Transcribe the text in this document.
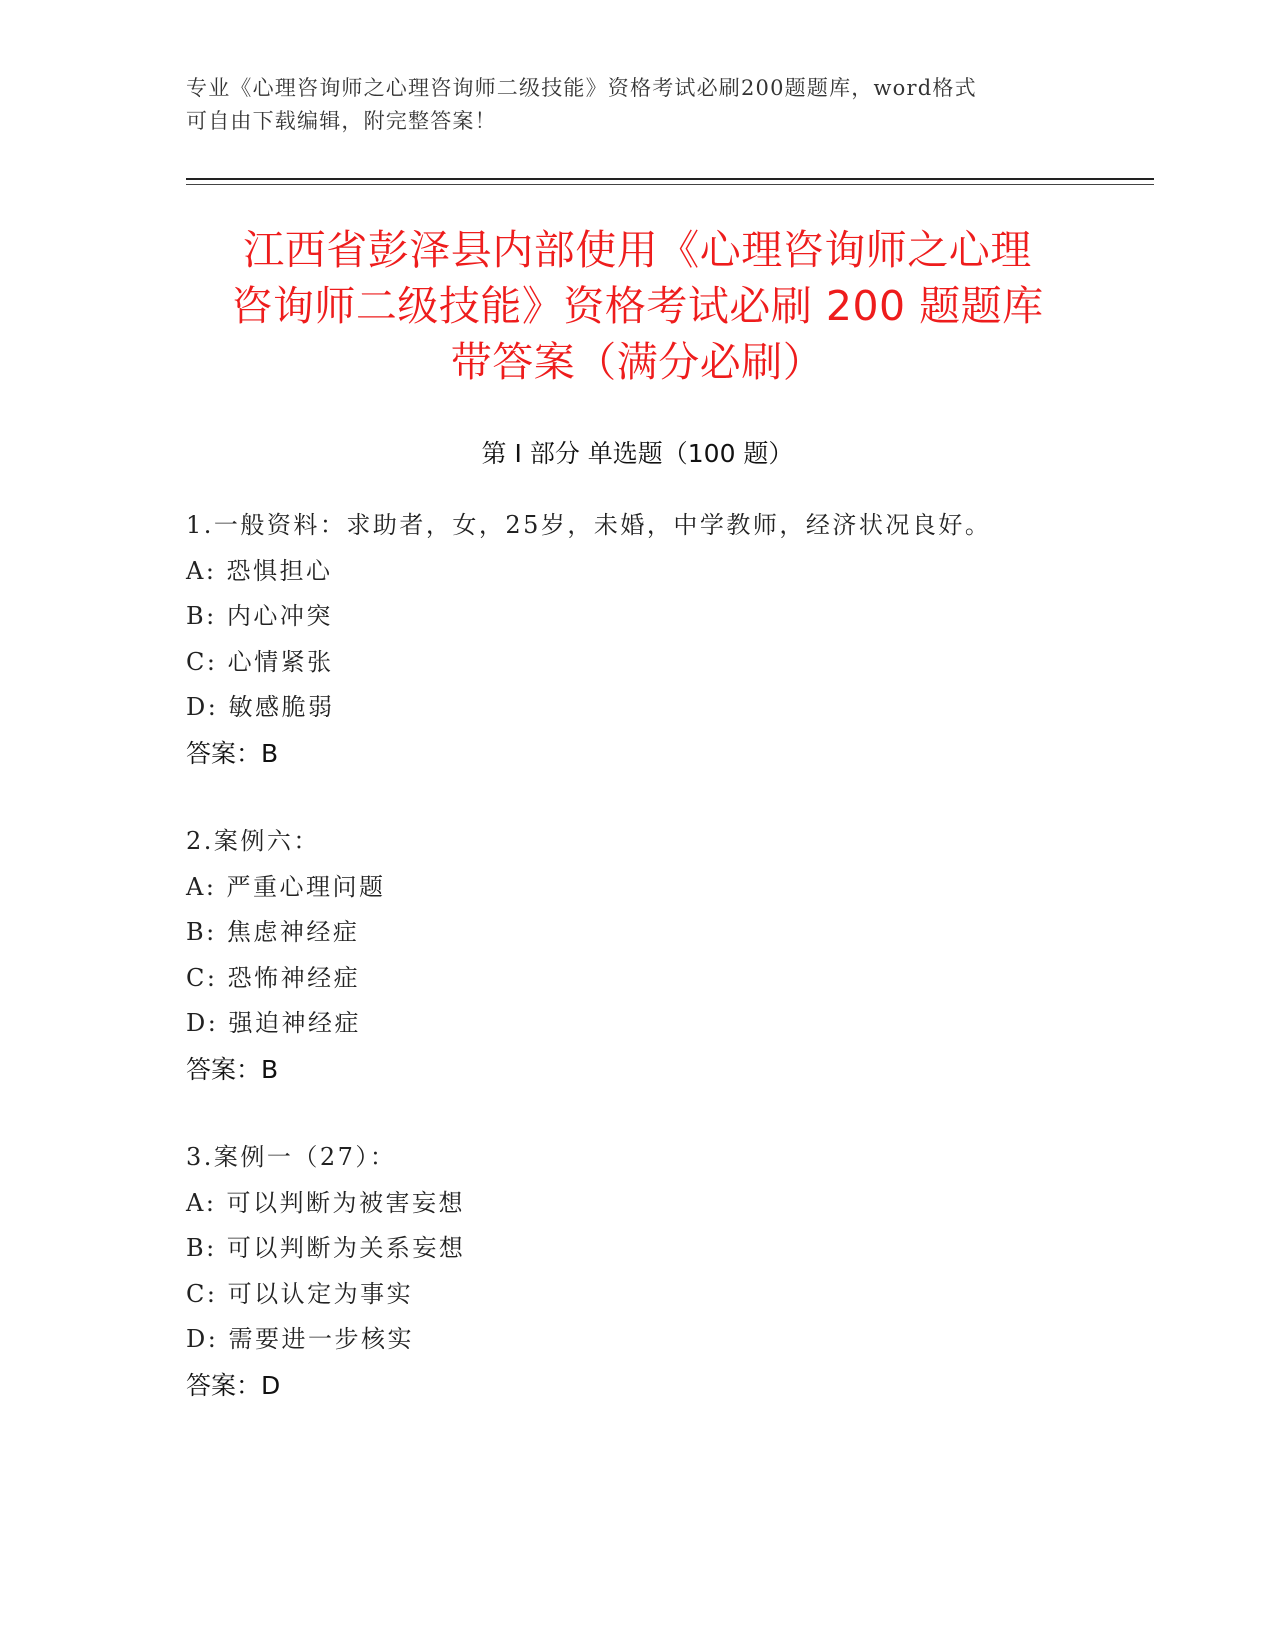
专业《心理咨询师之心理咨询师二级技能》资格考试必刷200题题库，word格式
可自由下载编辑，附完整答案！
江西省彭泽县内部使用《心理咨询师之心理
咨询师二级技能》资格考试必刷 200 题题库
带答案（满分必刷）
第 I 部分 单选题（100 题）
1.一般资料：求助者，女，25岁，未婚，中学教师，经济状况良好。
A: 恐惧担心
B: 内心冲突
C: 心情紧张
D: 敏感脆弱
答案：B
2.案例六：
A: 严重心理问题
B: 焦虑神经症
C: 恐怖神经症
D: 强迫神经症
答案：B
3.案例一（27）：
A: 可以判断为被害妄想
B: 可以判断为关系妄想
C: 可以认定为事实
D: 需要进一步核实
答案：D
